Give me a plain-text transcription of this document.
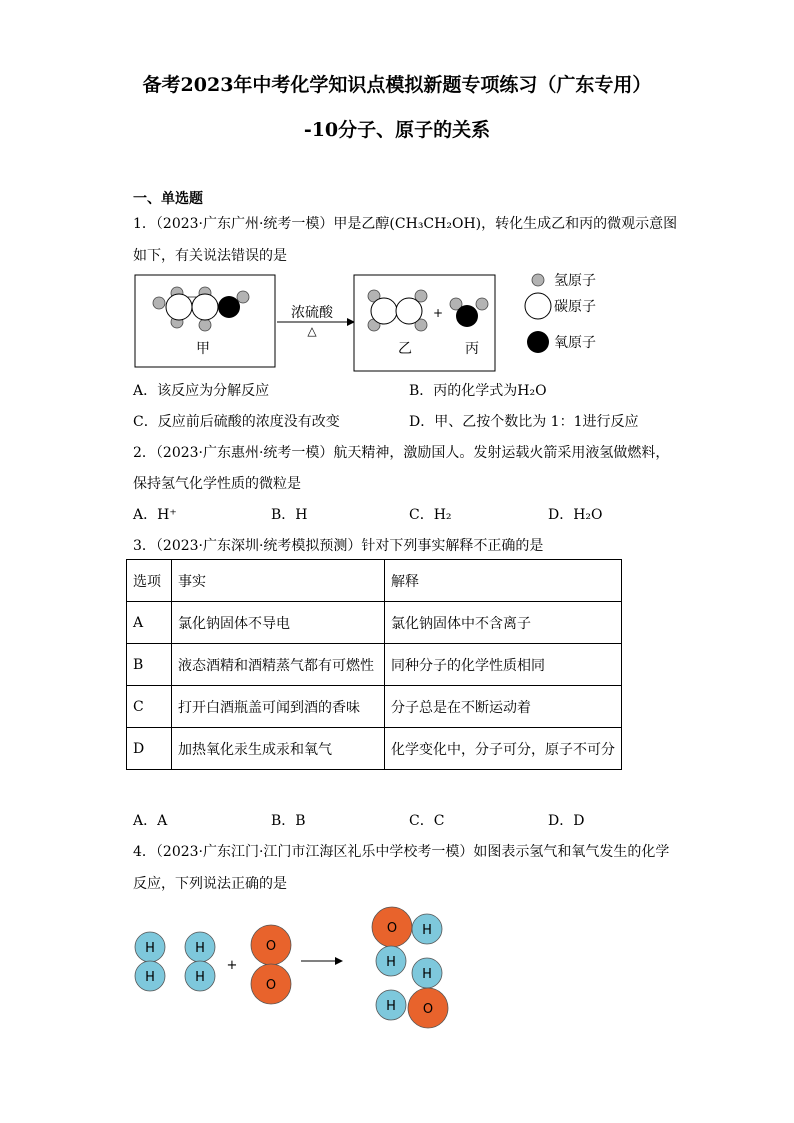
备考2023年中考化学知识点模拟新题专项练习（广东专用）
-10分子、原子的关系
一、单选题
1．（2023·广东广州·统考一模）甲是乙醇(CH₃CH₂OH)，转化生成乙和丙的微观示意图
如下，有关说法错误的是
甲
浓硫酸
△
+
乙	丙
氢原子
碳原子
氧原子
A．该反应为分解反应	B．丙的化学式为H₂O
C．反应前后硫酸的浓度没有改变	D．甲、乙按个数比为 1：1进行反应
2．（2023·广东惠州·统考一模）航天精神，激励国人。发射运载火箭采用液氢做燃料，
保持氢气化学性质的微粒是
A．H⁺	B．H	C．H₂	D．H₂O
3．（2023·广东深圳·统考模拟预测）针对下列事实解释不正确的是
选项	事实	解释
A	氯化钠固体不导电	氯化钠固体中不含离子
B	液态酒精和酒精蒸气都有可燃性	同种分子的化学性质相同
C	打开白酒瓶盖可闻到酒的香味	分子总是在不断运动着
D	加热氧化汞生成汞和氧气	化学变化中，分子可分，原子不可分
A．A	B．B	C．C	D．D
4．（2023·广东江门·江门市江海区礼乐中学校考一模）如图表示氢气和氧气发生的化学
反应，下列说法正确的是
H
H
H
H
+
O
O
O H
H
H
H O
